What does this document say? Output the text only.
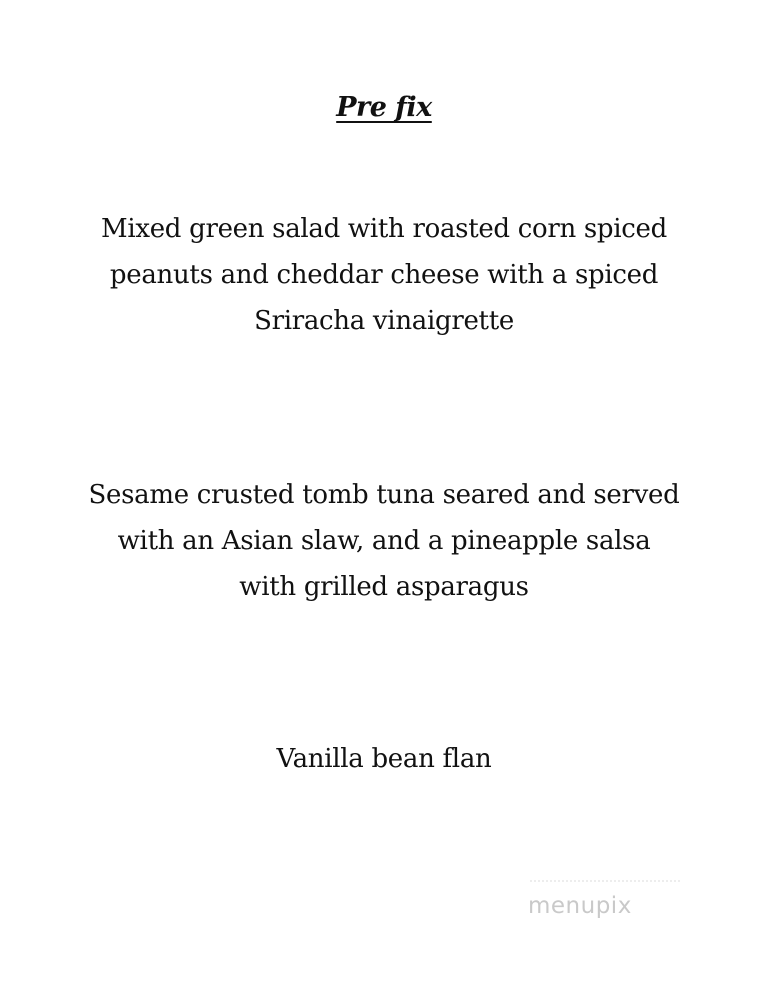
Pre fix
Mixed green salad with roasted corn spiced
peanuts and cheddar cheese with a spiced
Sriracha vinaigrette
Sesame crusted tomb tuna seared and served
with an Asian slaw, and a pineapple salsa
with grilled asparagus
Vanilla bean flan
menupix
